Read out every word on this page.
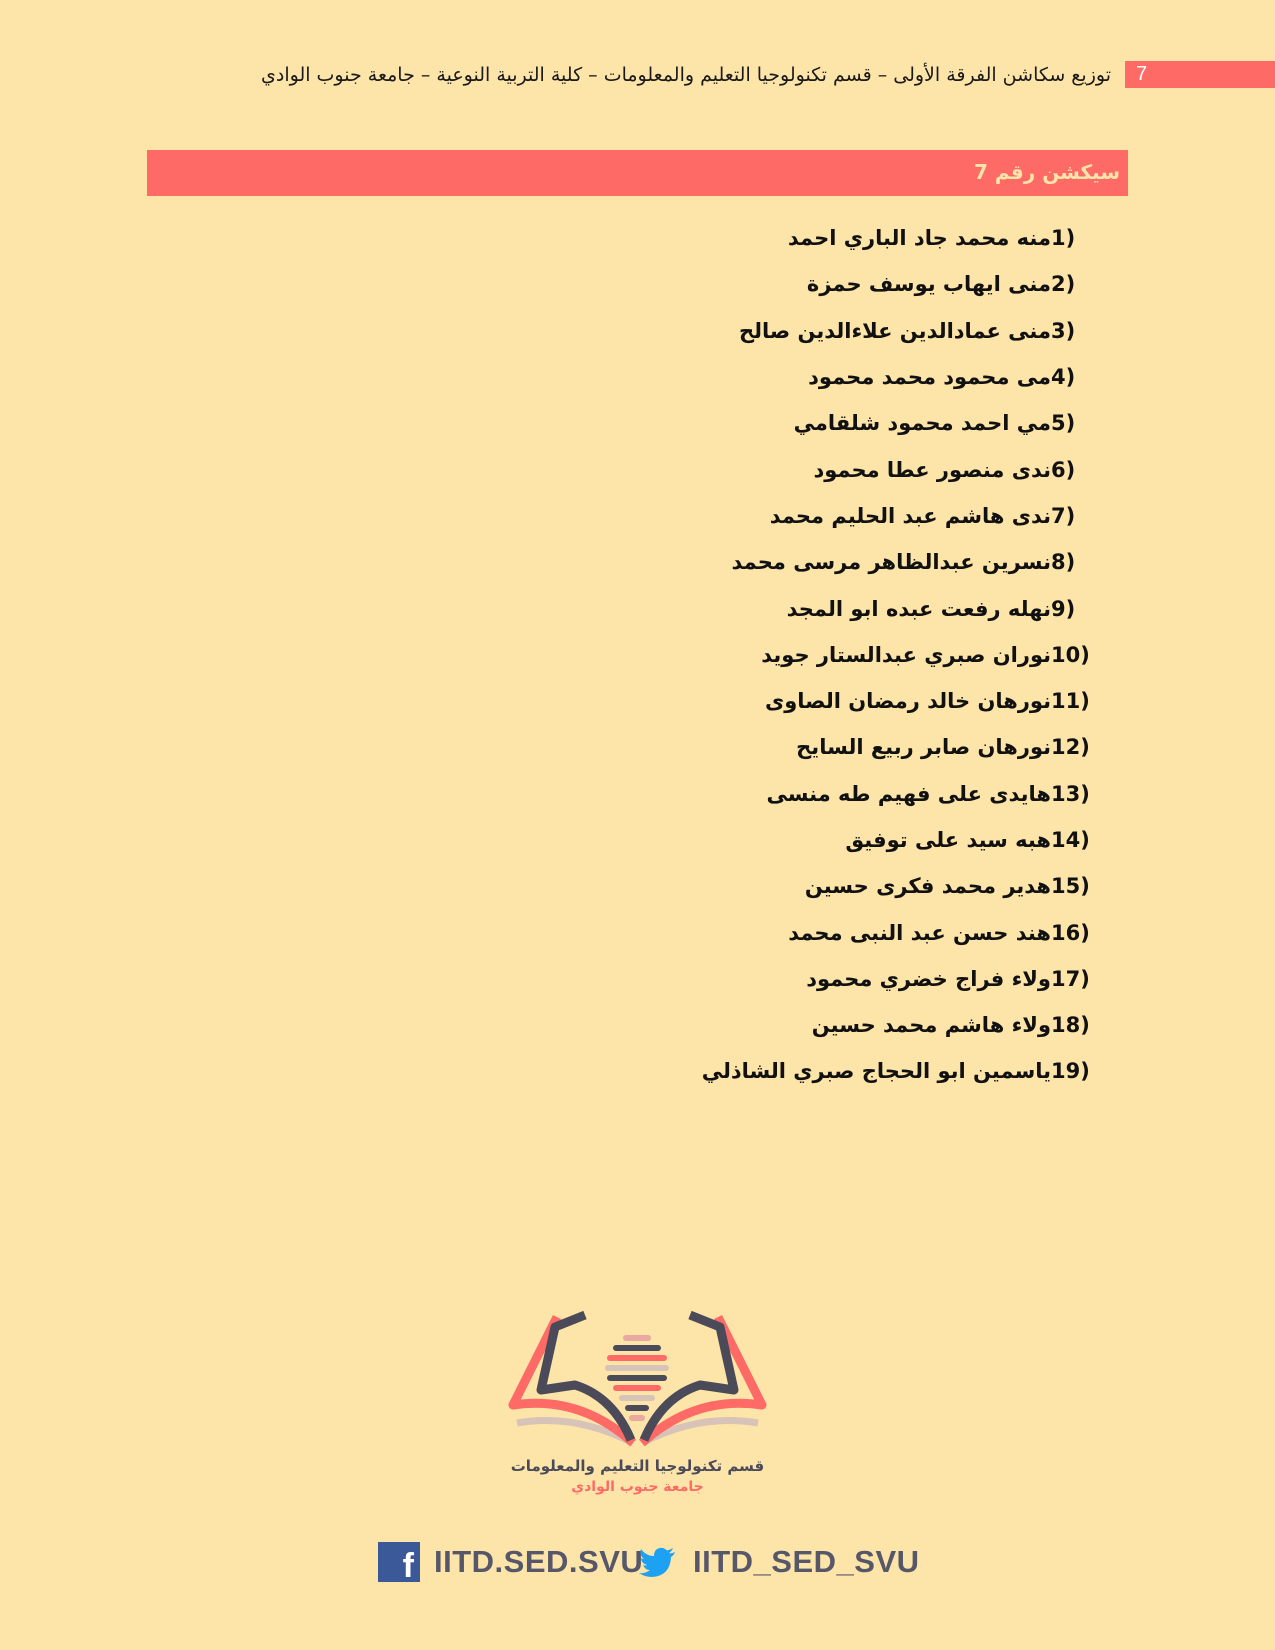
7
توزيع سكاشن الفرقة الأولى – قسم تكنولوجيا التعليم والمعلومات – كلية التربية النوعية – جامعة جنوب الوادي
سيكشن رقم 7
1)
منه محمد جاد الباري احمد
2)
منى ايهاب يوسف حمزة
3)
منى عمادالدين علاءالدين صالح
4)
مى محمود محمد محمود
5)
مي احمد محمود شلقامي
6)
ندى منصور عطا محمود
7)
ندى هاشم عبد الحليم محمد
8)
نسرين عبدالظاهر مرسى محمد
9)
نهله رفعت عبده ابو المجد
10)
نوران صبري عبدالستار جويد
11)
نورهان خالد رمضان الصاوى
12)
نورهان صابر ربيع السايح
13)
هايدى على فهيم طه منسى
14)
هبه سيد على توفيق
15)
هدير محمد فكرى حسين
16)
هند حسن عبد النبى محمد
17)
ولاء فراج خضري محمود
18)
ولاء هاشم محمد حسين
19)
ياسمين ابو الحجاج صبري الشاذلي
قسم تكنولوجيا التعليم والمعلومات
جامعة جنوب الوادي
f IITD.SED.SVU IITD_SED_SVU
